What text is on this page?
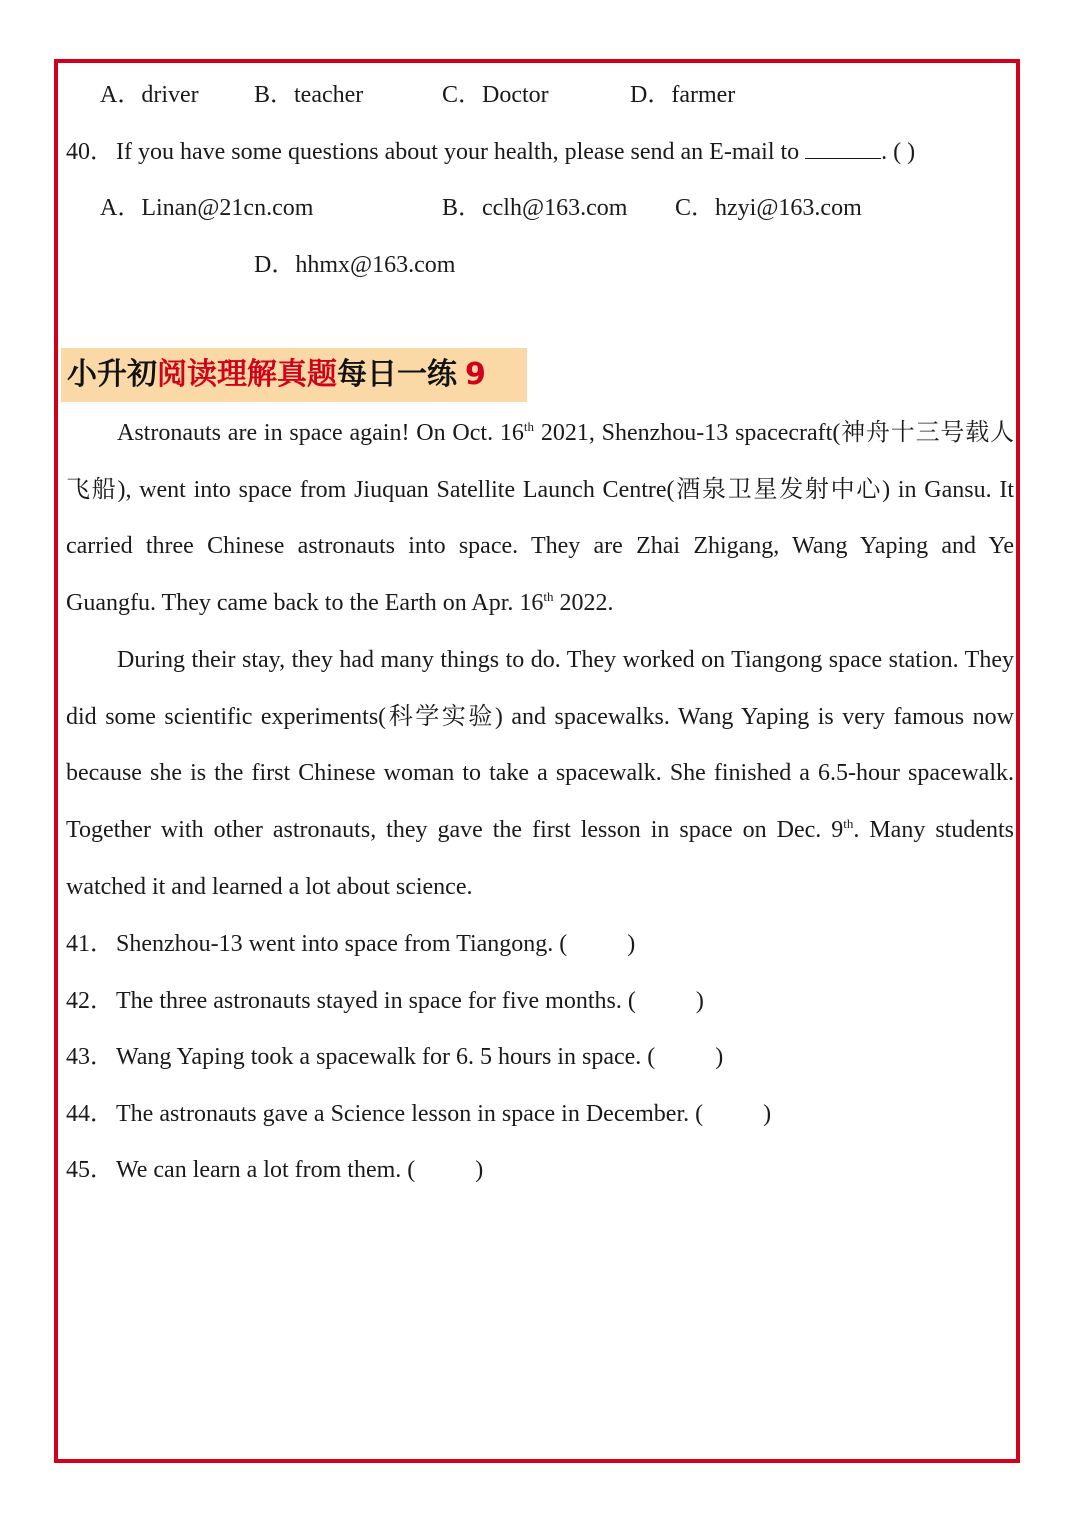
A．driver B．teacher	C．Doctor	D．farmer
40．If you have some questions about your health, please send an E-mail to	. ( )
A．Linan@21cn.com	B．cclh@163.com C．hzyi@163.com
D．hhmx@163.com
小升初阅读理解真题每日一练 9
Astronauts are in space again! On Oct. 16th 2021, Shenzhou-13 spacecraft(神舟十三号载人飞船), went into space from Jiuquan Satellite Launch Centre(酒泉卫星发射中心) in Gansu. It carried three Chinese astronauts into space. They are Zhai Zhigang, Wang Yaping and Ye Guangfu. They came back to the Earth on Apr. 16th 2022.
During their stay, they had many things to do. They worked on Tiangong space station. They did some scientific experiments(科学实验) and spacewalks. Wang Yaping is very famous now because she is the first Chinese woman to take a spacewalk. She finished a 6.5-hour spacewalk. Together with other astronauts, they gave the first lesson in space on Dec. 9th. Many students watched it and learned a lot about science.
41．Shenzhou-13 went into space from Tiangong. (          )
42．The three astronauts stayed in space for five months. (          )
43．Wang Yaping took a spacewalk for 6. 5 hours in space. (          )
44．The astronauts gave a Science lesson in space in December. (          )
45．We can learn a lot from them. (          )
